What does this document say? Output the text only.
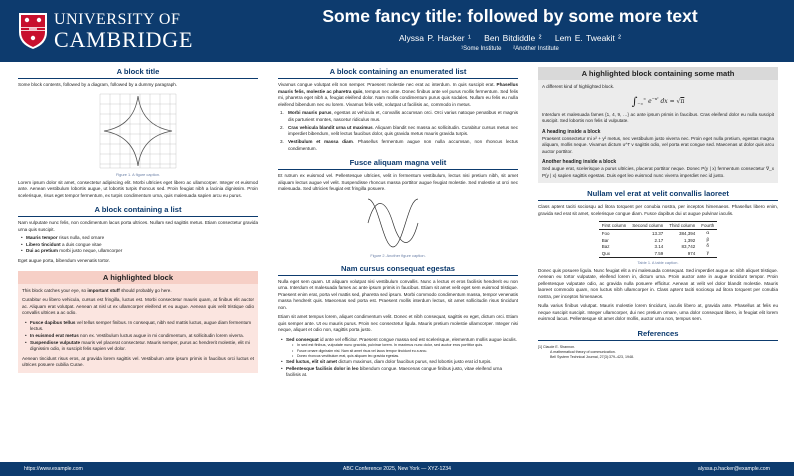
UNIVERSITY OF
CAMBRIDGE
Some fancy title: followed by some more text
Alyssa P. Hacker ¹ Ben Bitdiddle ² Lem E. Tweakit ²
¹Some Institute ²Another Institute
A block title
Some block contents, followed by a diagram, followed by a dummy paragraph.
Figure 1. A figure caption.
Lorem ipsum dolor sit amet, consectetur adipiscing elit. Morbi ultricies eget libero ac ullamcorper. Integer et euismod ante. Aenean vestibulum lobortis augue, ut lobortis turpis rhoncus sed. Proin feugiat nibh a lacinia dignissim. Proin scelerisque, risus eget tempor fermentum, ex turpis condimentum urna, quis malesuada sapien arcu eu purus.
A block containing a list
Nam vulputate nunc felis, non condimentum lacus porta ultrices. Nullam sed sagittis metus. Etiam consectetur gravida urna quis suscipit.
• Mauris tempor risus nulla, sed ornare
• Libero tincidunt a duis congue vitae
• Dui ac pretium morbi justo neque, ullamcorper
Eget augue porta, bibendum venenatis tortor.
A highlighted block

This block catches your eye, so important stuff should probably go here.

Curabitur eu libero vehicula, cursus est fringilla, luctus est. Morbi consectetur mauris quam, at finibus elit auctor ac. Aliquam erat volutpat. Aenean at nisl ut ex ullamcorper eleifend et eu augue. Aenean quis velit tristique odio convallis ultrices a ac odio.

• Fusce dapibus tellus vel tellus semper finibus. In consequat, nibh sed mattis luctus, augue diam fermentum lectus.
• In euismod erat metus non ex. Vestibulum luctus augue in mi condimentum, at sollicitudin lorem viverra.
• Suspendisse vulputate mauris vel placerat consectetur. Mauris semper, purus ac hendrerit molestie, elit mi dignissim odio, in suscipit felis sapien vel dolor.
Aenean tincidunt risus eros, at gravida lorem sagittis vel. Vestibulum ante ipsum primis in faucibus orci luctus et ultrices posuere cubilia Curae.
A block containing an enumerated list
Vivamus congue volutpat elit non semper. Praesent molestie nec erat ac interdum. In quis suscipit erat. Phasellus mauris felis, molestie ac pharetra quis, tempus nec ante. Donec finibus ante vel purus mollis fermentum. Sed felis mi, pharetra eget nibh a, feugiat eleifend dolor. Nam mollis condimentum purus quis sodales. Nullam eu felis eu nulla eleifend bibendum nec eu lorem. Vivamus felis velit, volutpat ut facilisis ac, commodo in metus.
1. Morbi mauris purus, egestas at vehicula et, convallis accumsan orci. Orci varius natoque penatibus et magnis dis parturient montes, nascetur ridiculus mus.
2. Cras vehicula blandit urna ut maximus. Aliquam blandit nec massa ac sollicitudin. Curabitur cursus metus nec imperdiet bibendum, velit lectus faucibus dolor, quis gravida metus mauris gravida turpis.
3. Vestibulum et massa diam. Phasellus fermentum augue non nulla accumsan, non rhoncus lectus condimentum.
Fusce aliquam magna velit
Et rutrum ex euismod vel. Pellentesque ultricies, velit in fermentum vestibulum, lectus nisi pretium nibh, sit amet aliquam lectus augue vel velit. Suspendisse rhoncus massa porttitor augue feugiat molestie. Sed molestie ut orci nec malesuada. Sed ultricies feugiat est fringilla posuere.
Figure 2. Another figure caption.
Nam cursus consequat egestas

Nulla eget sem quam. Ut aliquam volutpat nisi vestibulum convallis. Nunc a lectus et eros facilisis hendrerit eu non urna. Interdum et malesuada fames ac ante ipsum primis in faucibus. Etiam sit amet velit eget sem euismod tristique. Praesent enim erat, porta vel mattis sed, pharetra sed ipsum. Morbi commodo condimentum massa, tempor venenatis massa hendrerit quis. Maecenas sed porta est. Praesent mollis interdum lectus, sit amet sollicitudin risus tincidunt non.

Etiam sit amet tempus lorem, aliquet condimentum velit. Donec et nibh consequat, sagittis ex eget, dictum orci. Etiam quis semper ante. Ut eu mauris purus. Proin nec consectetur ligula. Mauris pretium molestie ullamcorper. Integer nisi neque, aliquet et odio non, sagittis porta justo.

• Sed consequat id ante vel efficitur. Praesent congue massa sed est scelerisque, elementum mollis augue iaculis.
• In sed est finibus, vulputate nunc gravida, pulvinar lorem. In maximus nunc dolor, sed auctor eros porttitor quis.
• Fusce ornare dignissim nisi. Nam sit amet risus vel lacus tempor tincidunt eu a arcu.
• Donec rhoncus vestibulum erat, quis aliquam leo gravida egestas.
• Sed luctus, elit sit amet dictum maximus, diam dolor faucibus purus, sed lobortis justo erat id turpis.
• Pellentesque facilisis dolor in leo bibendum congue. Maecenas congue finibus justo, vitae eleifend urna facilisis at.
A highlighted block containing some math
A different kind of highlighted block.
$\int_{-\infty}^\infty$ $e^{-x^2}$ dx = √π
Interdum et malesuada fames {1, 4, 9, …} ac ante ipsum primis in faucibus. Cras eleifend dolor eu nulla suscipit suscipit. Sed lobortis non felis id vulputate.
A heading inside a block
Praesent consectetur mi x² + y² metus, nec vestibulum justo viverra nec. Proin eget nulla pretium, egestas magna aliquam, mollis neque. Vivamus dictum u^T v sagittis odio, vel porta erat congue sed. Maecenas ut dolor quis arcu auctor porttitor.
Another heading inside a block
Sed augue erat, scelerisque a purus ultricies, placerat porttitor neque. Donec P(y | x) fermentum consectetur ∇_x P(y | x) sapien sagittis egestas. Duis eget leo euismod nunc viverra imperdiet nec id justo.
Nullam vel erat at velit convallis laoreet
Class aptent taciti sociosqu ad litora torquent per conubia nostra, per inceptos himenaeos. Phasellus libero enim, gravida sed erat sit amet, scelerisque congue diam. Fusce dapibus dui ut augue pulvinar iaculis.
First column	Second column	Third column	Fourth
Foo	13.37	384,394	α
Bar	2.17	1,392	β
Baz	3.14	83,742	δ
Qux	7.59	974	γ
Table 1. A table caption.

Donec quis posuere ligula. Nunc feugiat elit a mi malesuada consequat. Sed imperdiet augue ac nibh aliquet tristique. Aenean eu tortor vulputate, eleifend lorem in, dictum urna. Proin auctor ante in augue tincidunt tempor. Proin pellentesque vulputate odio, ac gravida nulla posuere efficitur. Aenean at velit vel dolor blandit molestie. Mauris laoreet commodo quam, non luctus nibh ullamcorper in. Class aptent taciti sociosqu ad litora torquent per conubia nostra, per inceptos himenaeos.

Nulla varius finibus volutpat. Mauris molestie lorem tincidunt, iaculis libero at, gravida ante. Phasellus at felis eu neque suscipit suscipit. Integer ullamcorper, dui nec pretium ornare, urna dolor consequat libero, in feugiat elit lorem euismod lacus. Pellentesque sit amet dolor mollis, auctor urna non, tempus sem.

References
[1] Claude E. Shannon.
A mathematical theory of communication.
Bell System Technical Journal, 27(3):379–423, 1948.
https://www.example.com	ABC Conference 2025, New York — XYZ-1234	alyssa.p.hacker@example.com
